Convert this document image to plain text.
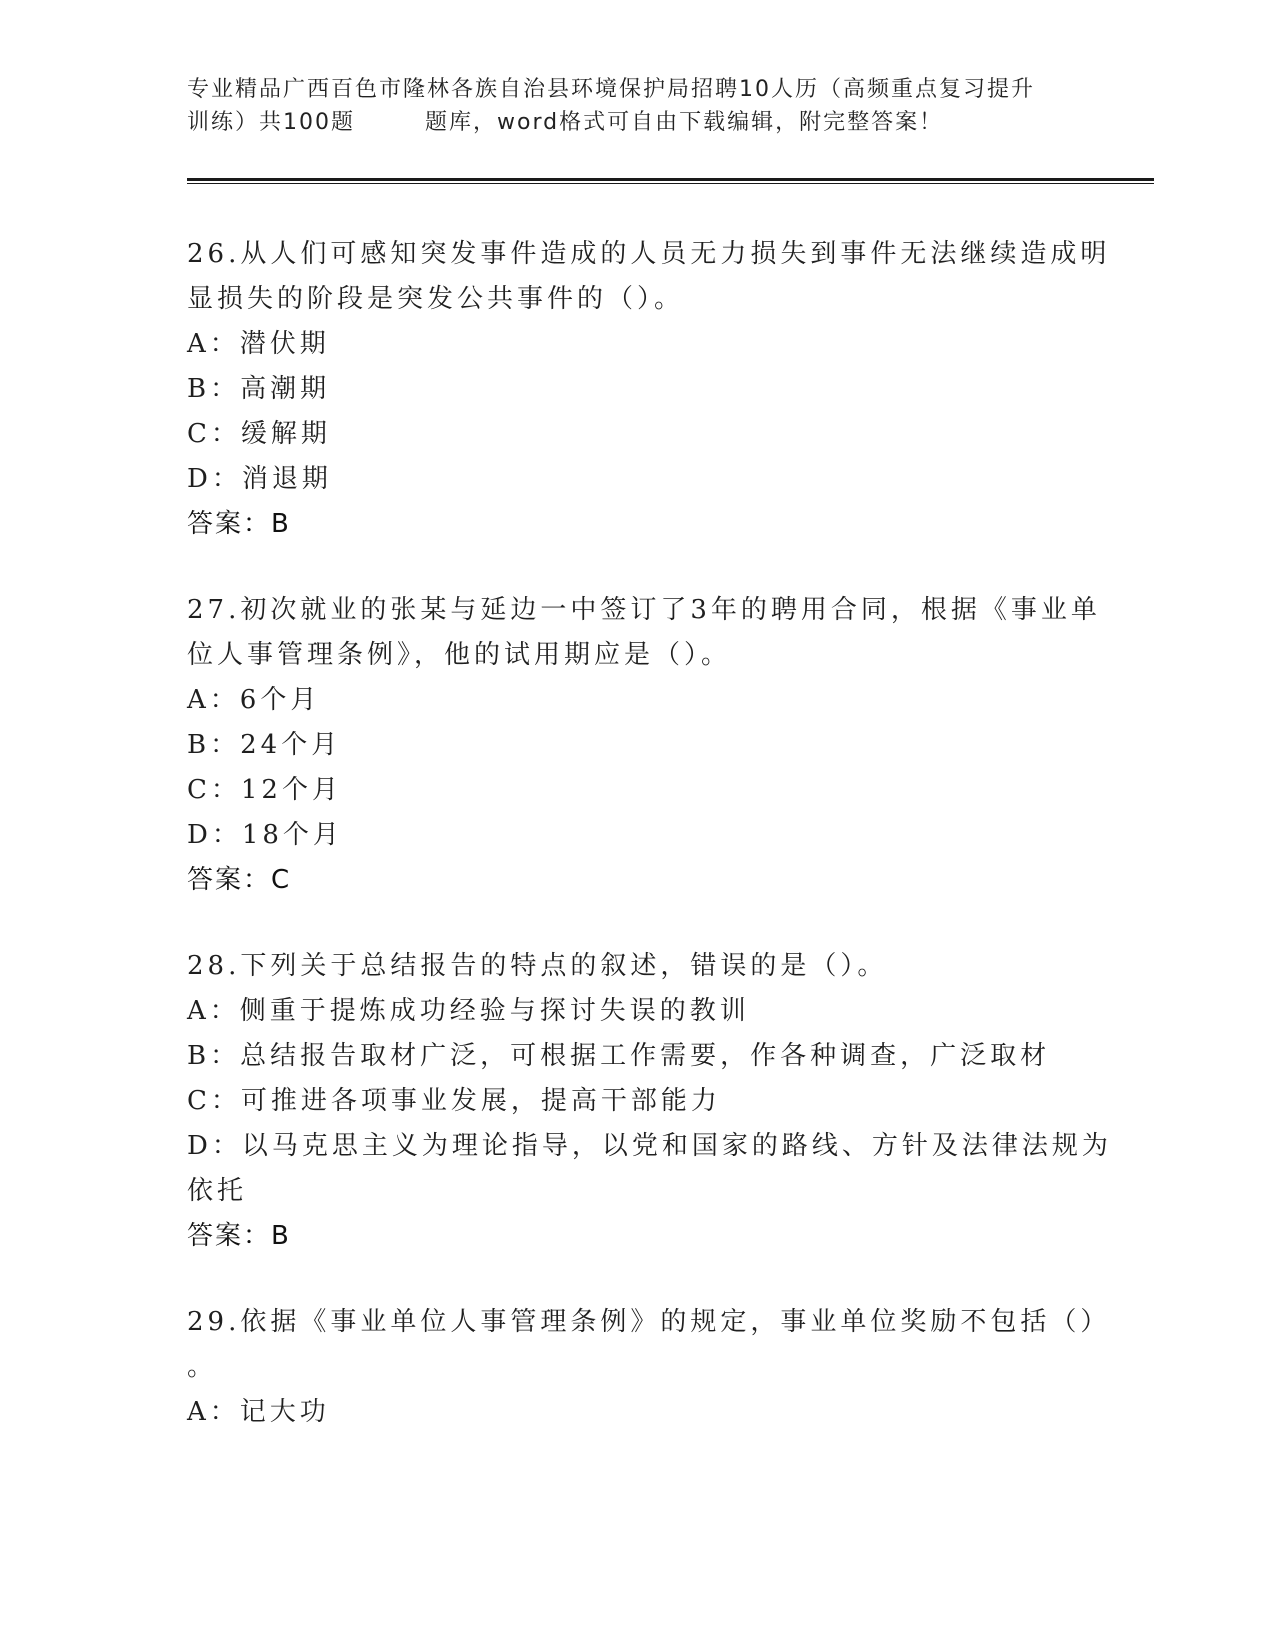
专业精品广西百色市隆林各族自治县环境保护局招聘10人历（高频重点复习提升
训练）共100题	题库，word格式可自由下载编辑，附完整答案！
26.从人们可感知突发事件造成的人员无力损失到事件无法继续造成明
显损失的阶段是突发公共事件的（）。
A：潜伏期
B：高潮期
C：缓解期
D：消退期
答案：B
27.初次就业的张某与延边一中签订了3年的聘用合同，根据《事业单
位人事管理条例》，他的试用期应是（）。
A：6个月
B：24个月
C：12个月
D：18个月
答案：C
28.下列关于总结报告的特点的叙述，错误的是（）。
A：侧重于提炼成功经验与探讨失误的教训
B：总结报告取材广泛，可根据工作需要，作各种调查，广泛取材
C：可推进各项事业发展，提高干部能力
D：以马克思主义为理论指导，以党和国家的路线、方针及法律法规为
依托
答案：B
29.依据《事业单位人事管理条例》的规定，事业单位奖励不包括（）
。
A：记大功
